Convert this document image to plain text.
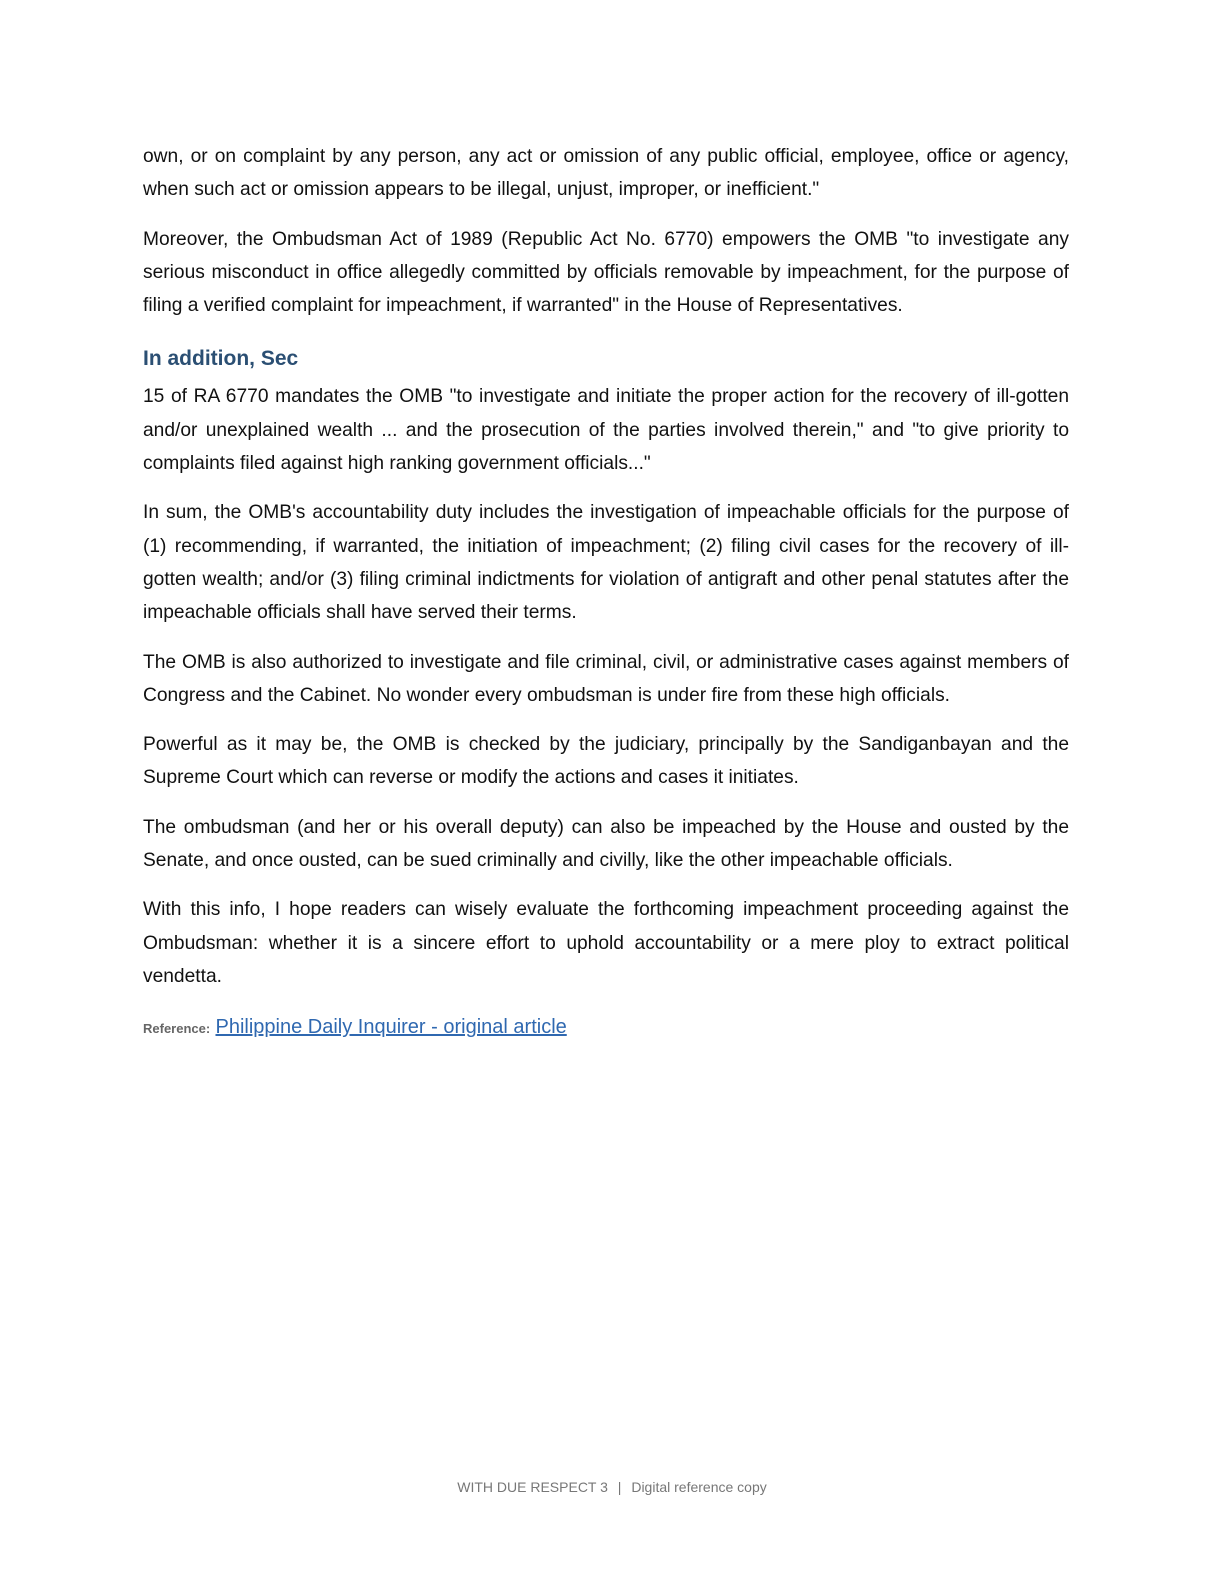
own, or on complaint by any person, any act or omission of any public official, employee, office or agency, when such act or omission appears to be illegal, unjust, improper, or inefficient."

Moreover, the Ombudsman Act of 1989 (Republic Act No. 6770) empowers the OMB "to investigate any serious misconduct in office allegedly committed by officials removable by impeachment, for the purpose of filing a verified complaint for impeachment, if warranted" in the House of Representatives.

In addition, Sec

15 of RA 6770 mandates the OMB "to investigate and initiate the proper action for the recovery of ill-gotten and/or unexplained wealth ... and the prosecution of the parties involved therein," and "to give priority to complaints filed against high ranking government officials..."

In sum, the OMB's accountability duty includes the investigation of impeachable officials for the purpose of (1) recommending, if warranted, the initiation of impeachment; (2) filing civil cases for the recovery of ill-gotten wealth; and/or (3) filing criminal indictments for violation of antigraft and other penal statutes after the impeachable officials shall have served their terms.

The OMB is also authorized to investigate and file criminal, civil, or administrative cases against members of Congress and the Cabinet. No wonder every ombudsman is under fire from these high officials.

Powerful as it may be, the OMB is checked by the judiciary, principally by the Sandiganbayan and the Supreme Court which can reverse or modify the actions and cases it initiates.

The ombudsman (and her or his overall deputy) can also be impeached by the House and ousted by the Senate, and once ousted, can be sued criminally and civilly, like the other impeachable officials.

With this info, I hope readers can wisely evaluate the forthcoming impeachment proceeding against the Ombudsman: whether it is a sincere effort to uphold accountability or a mere ploy to extract political vendetta.

Reference: Philippine Daily Inquirer - original article
WITH DUE RESPECT 3 | Digital reference copy
